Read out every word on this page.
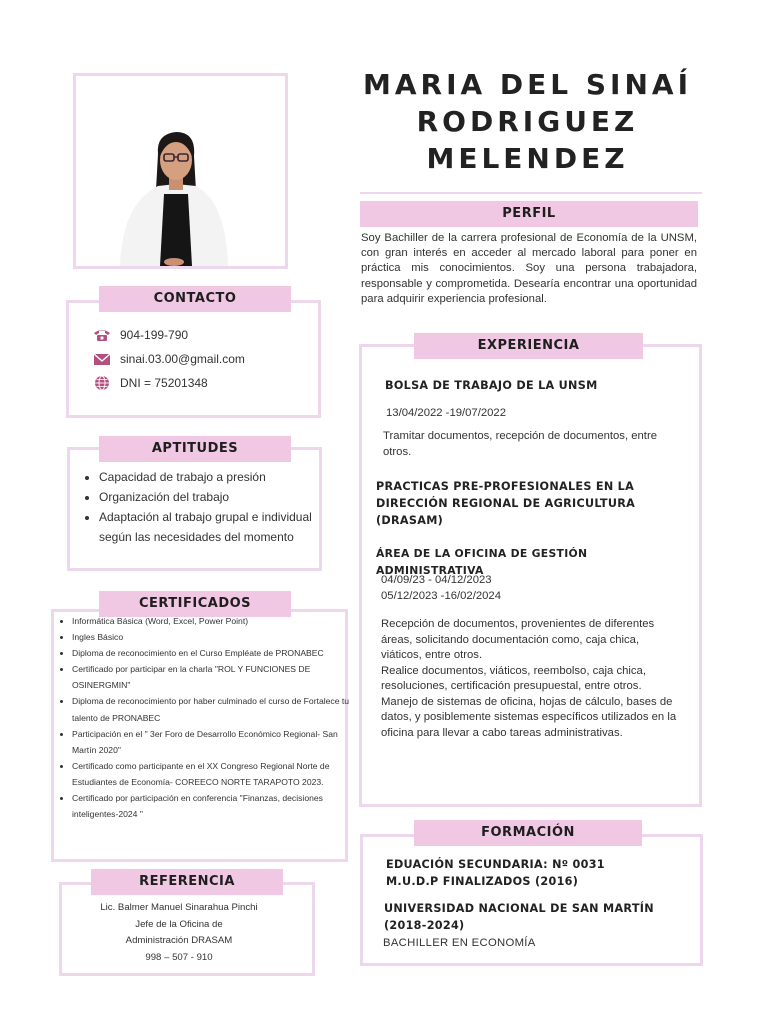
MARIA DEL SINAÍ
RODRIGUEZ
MELENDEZ
PERFIL
Soy Bachiller de la carrera profesional de Economía de la UNSM, con gran interés en acceder al mercado laboral para poner en práctica mis conocimientos. Soy una persona trabajadora, responsable y comprometida. Desearía encontrar una oportunidad para adquirir experiencia profesional.
CONTACTO
904-199-790
sinai.03.00@gmail.com
DNI = 75201348
APTITUDES
• Capacidad de trabajo a presión
• Organización del trabajo
• Adaptación al trabajo grupal e individual según las necesidades del momento
CERTIFICADOS
• Informática Básica (Word, Excel, Power Point)
• Ingles Básico
• Diploma de reconocimiento en el Curso Empléate de PRONABEC
• Certificado por participar en la charla "ROL Y FUNCIONES DE OSINERGMIN"
• Diploma de reconocimiento por haber culminado el curso de Fortalece tu talento de PRONABEC
• Participación en el " 3er Foro de Desarrollo Económico Regional- San Martín 2020"
• Certificado como participante en el XX Congreso Regional Norte de Estudiantes de Economía- COREECO NORTE TARAPOTO 2023.
• Certificado por participación en conferencia "Finanzas, decisiones inteligentes-2024 "
REFERENCIA
Lic. Balmer Manuel Sinarahua Pinchi
Jefe de la Oficina de
Administración DRASAM
998 – 507 - 910
EXPERIENCIA
BOLSA DE TRABAJO DE LA UNSM
13/04/2022 -19/07/2022
Tramitar documentos, recepción de documentos, entre otros.
PRACTICAS PRE-PROFESIONALES EN LA DIRECCIÓN REGIONAL DE AGRICULTURA (DRASAM)
ÁREA DE LA OFICINA DE GESTIÓN ADMINISTRATIVA
04/09/23 - 04/12/2023
05/12/2023 -16/02/2024
Recepción de documentos, provenientes de diferentes áreas, solicitando documentación como, caja chica, viáticos, entre otros.
Realice documentos, viáticos, reembolso, caja chica, resoluciones, certificación presupuestal, entre otros.
Manejo de sistemas de oficina, hojas de cálculo, bases de datos, y posiblemente sistemas específicos utilizados en la oficina para llevar a cabo tareas administrativas.
FORMACIÓN
EDUACIÓN SECUNDARIA: Nº 0031 M.U.D.P FINALIZADOS (2016)
UNIVERSIDAD NACIONAL DE SAN MARTÍN (2018-2024)
BACHILLER EN ECONOMÍA
